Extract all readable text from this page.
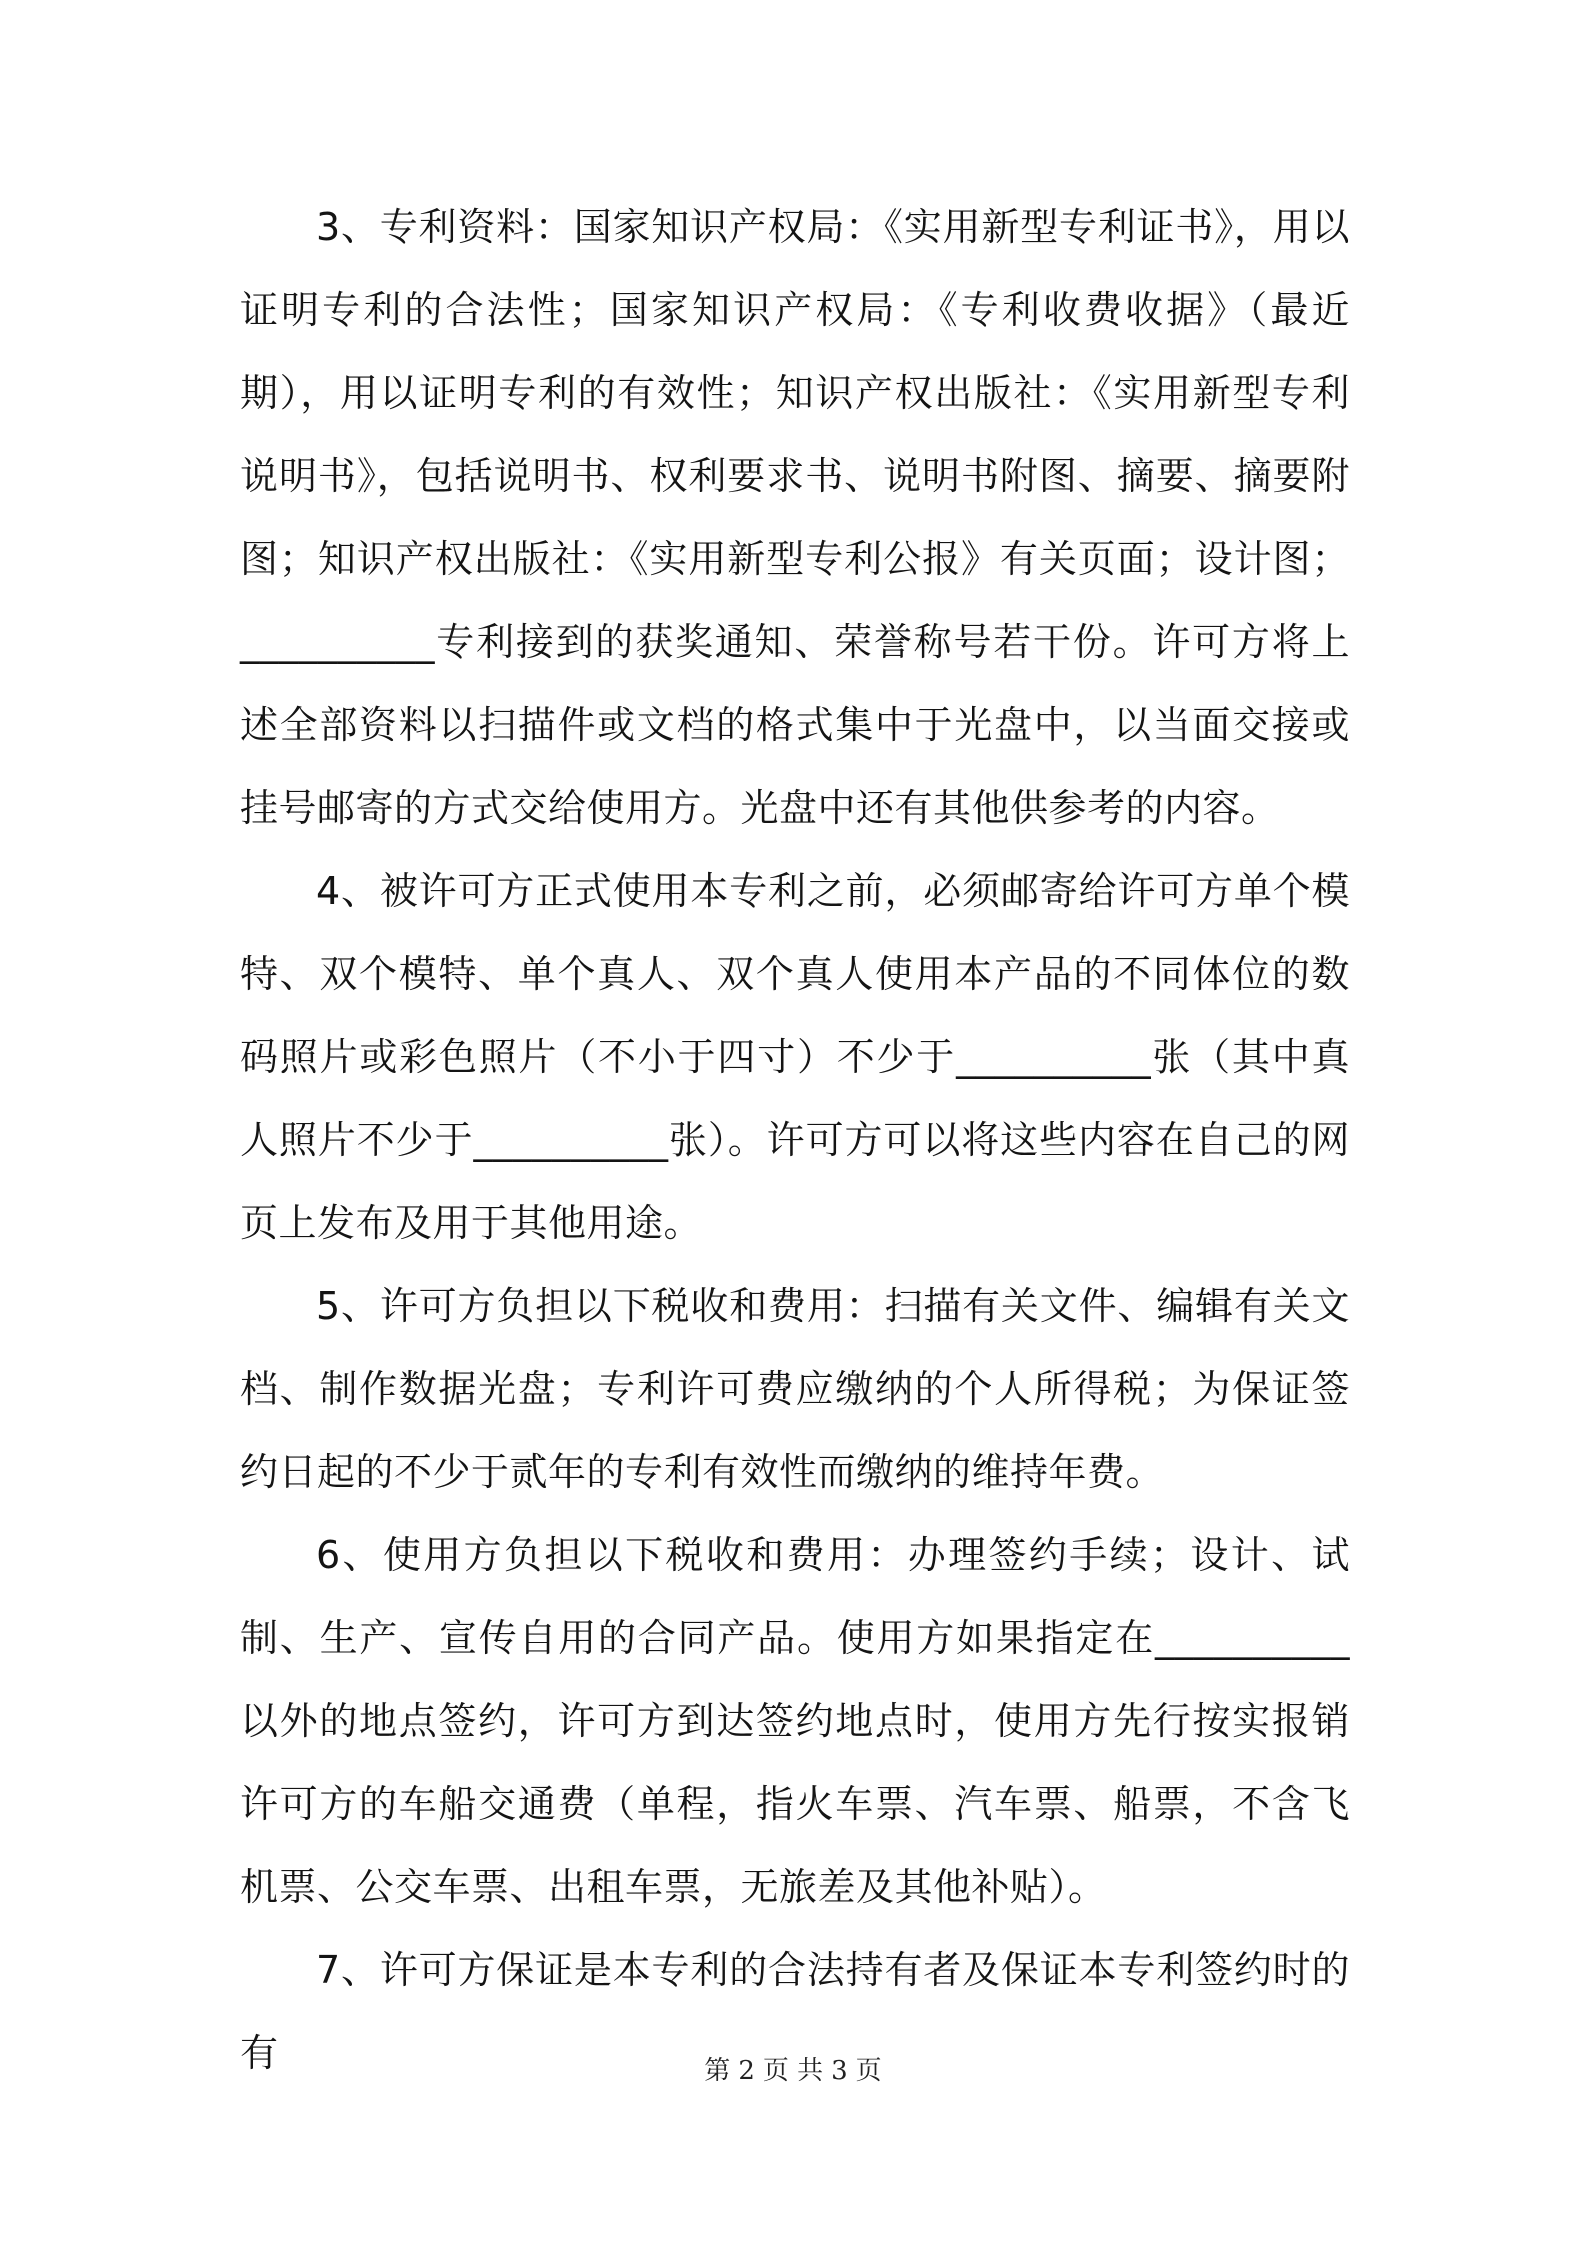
3、专利资料：国家知识产权局：《实用新型专利证书》，用以证明专利的合法性；国家知识产权局：《专利收费收据》（最近期），用以证明专利的有效性；知识产权出版社：《实用新型专利说明书》，包括说明书、权利要求书、说明书附图、摘要、摘要附图；知识产权出版社：《实用新型专利公报》有关页面；设计图；__________专利接到的获奖通知、荣誉称号若干份。许可方将上述全部资料以扫描件或文档的格式集中于光盘中，以当面交接或挂号邮寄的方式交给使用方。光盘中还有其他供参考的内容。

4、被许可方正式使用本专利之前，必须邮寄给许可方单个模特、双个模特、单个真人、双个真人使用本产品的不同体位的数码照片或彩色照片（不小于四寸）不少于__________张（其中真人照片不少于__________张）。许可方可以将这些内容在自己的网页上发布及用于其他用途。

5、许可方负担以下税收和费用：扫描有关文件、编辑有关文档、制作数据光盘；专利许可费应缴纳的个人所得税；为保证签约日起的不少于贰年的专利有效性而缴纳的维持年费。

6、使用方负担以下税收和费用：办理签约手续；设计、试制、生产、宣传自用的合同产品。使用方如果指定在__________以外的地点签约，许可方到达签约地点时，使用方先行按实报销许可方的车船交通费（单程，指火车票、汽车票、船票，不含飞机票、公交车票、出租车票，无旅差及其他补贴）。

7、许可方保证是本专利的合法持有者及保证本专利签约时的有	第 2 页 共 3 页
